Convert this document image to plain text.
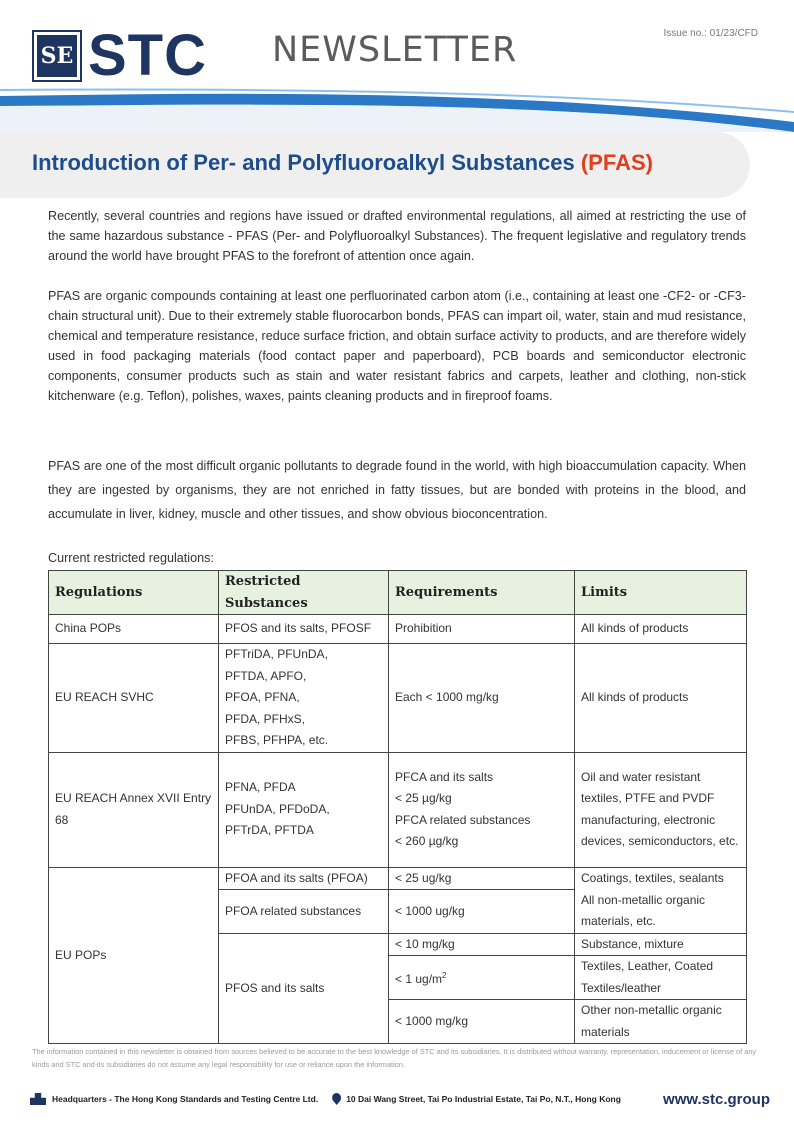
SE STC NEWSLETTER	Issue no.: 01/23/CFD
Introduction of Per- and Polyfluoroalkyl Substances (PFAS)

Recently, several countries and regions have issued or drafted environmental regulations, all aimed at restricting the use of the same hazardous substance - PFAS (Per- and Polyfluoroalkyl Substances). The frequent legislative and regulatory trends around the world have brought PFAS to the forefront of attention once again.

PFAS are organic compounds containing at least one perfluorinated carbon atom (i.e., containing at least one -CF2- or -CF3- chain structural unit). Due to their extremely stable fluorocarbon bonds, PFAS can impart oil, water, stain and mud resistance, chemical and temperature resistance, reduce surface friction, and obtain surface activity to products, and are therefore widely used in food packaging materials (food contact paper and paperboard), PCB boards and semiconductor electronic components, consumer products such as stain and water resistant fabrics and carpets, leather and clothing, non-stick kitchenware (e.g. Teflon), polishes, waxes, paints cleaning products and in fireproof foams.

PFAS are one of the most difficult organic pollutants to degrade found in the world, with high bioaccumulation capacity. When they are ingested by organisms, they are not enriched in fatty tissues, but are bonded with proteins in the blood, and accumulate in liver, kidney, muscle and other tissues, and show obvious bioconcentration.

Current restricted regulations:
Regulations	Restricted Substances	Requirements	Limits
China POPs	PFOS and its salts, PFOSF	Prohibition	All kinds of products
EU REACH SVHC	PFTriDA, PFUnDA,
PFTDA, APFO,
PFOA, PFNA,
PFDA, PFHxS,
PFBS, PFHPA, etc.	Each < 1000 mg/kg	All kinds of products
EU REACH Annex XVII Entry 68	PFNA, PFDA
PFUnDA, PFDoDA,
PFTrDA, PFTDA	PFCA and its salts
< 25 µg/kg
PFCA related substances
< 260 µg/kg	Oil and water resistant
textiles, PTFE and PVDF
manufacturing, electronic
devices, semiconductors, etc.

EU POPs	PFOA and its salts (PFOA)	< 25 ug/kg	Coatings, textiles, sealants
	PFOA related substances	< 1000 ug/kg	All non-metallic organic
materials, etc.

	PFOS and its salts	< 10 mg/kg	Substance, mixture
		< 1 $ug/m^2$	Textiles, Leather, Coated
Textiles/leather

		< 1000 mg/kg	Other non-metallic organic
materials
The information contained in this newsletter is obtained from sources believed to be accurate to the best knowledge of STC and its subsidiaries. It is distributed without warranty, representation, inducement or license of any kinds and STC and its subsidiaries do not assume any legal responsibility for use or reliance upon the information.
Headquarters - The Hong Kong Standards and Testing Centre Ltd.	10 Dai Wang Street, Tai Po Industrial Estate, Tai Po, N.T., Hong Kong	www.stc.group
